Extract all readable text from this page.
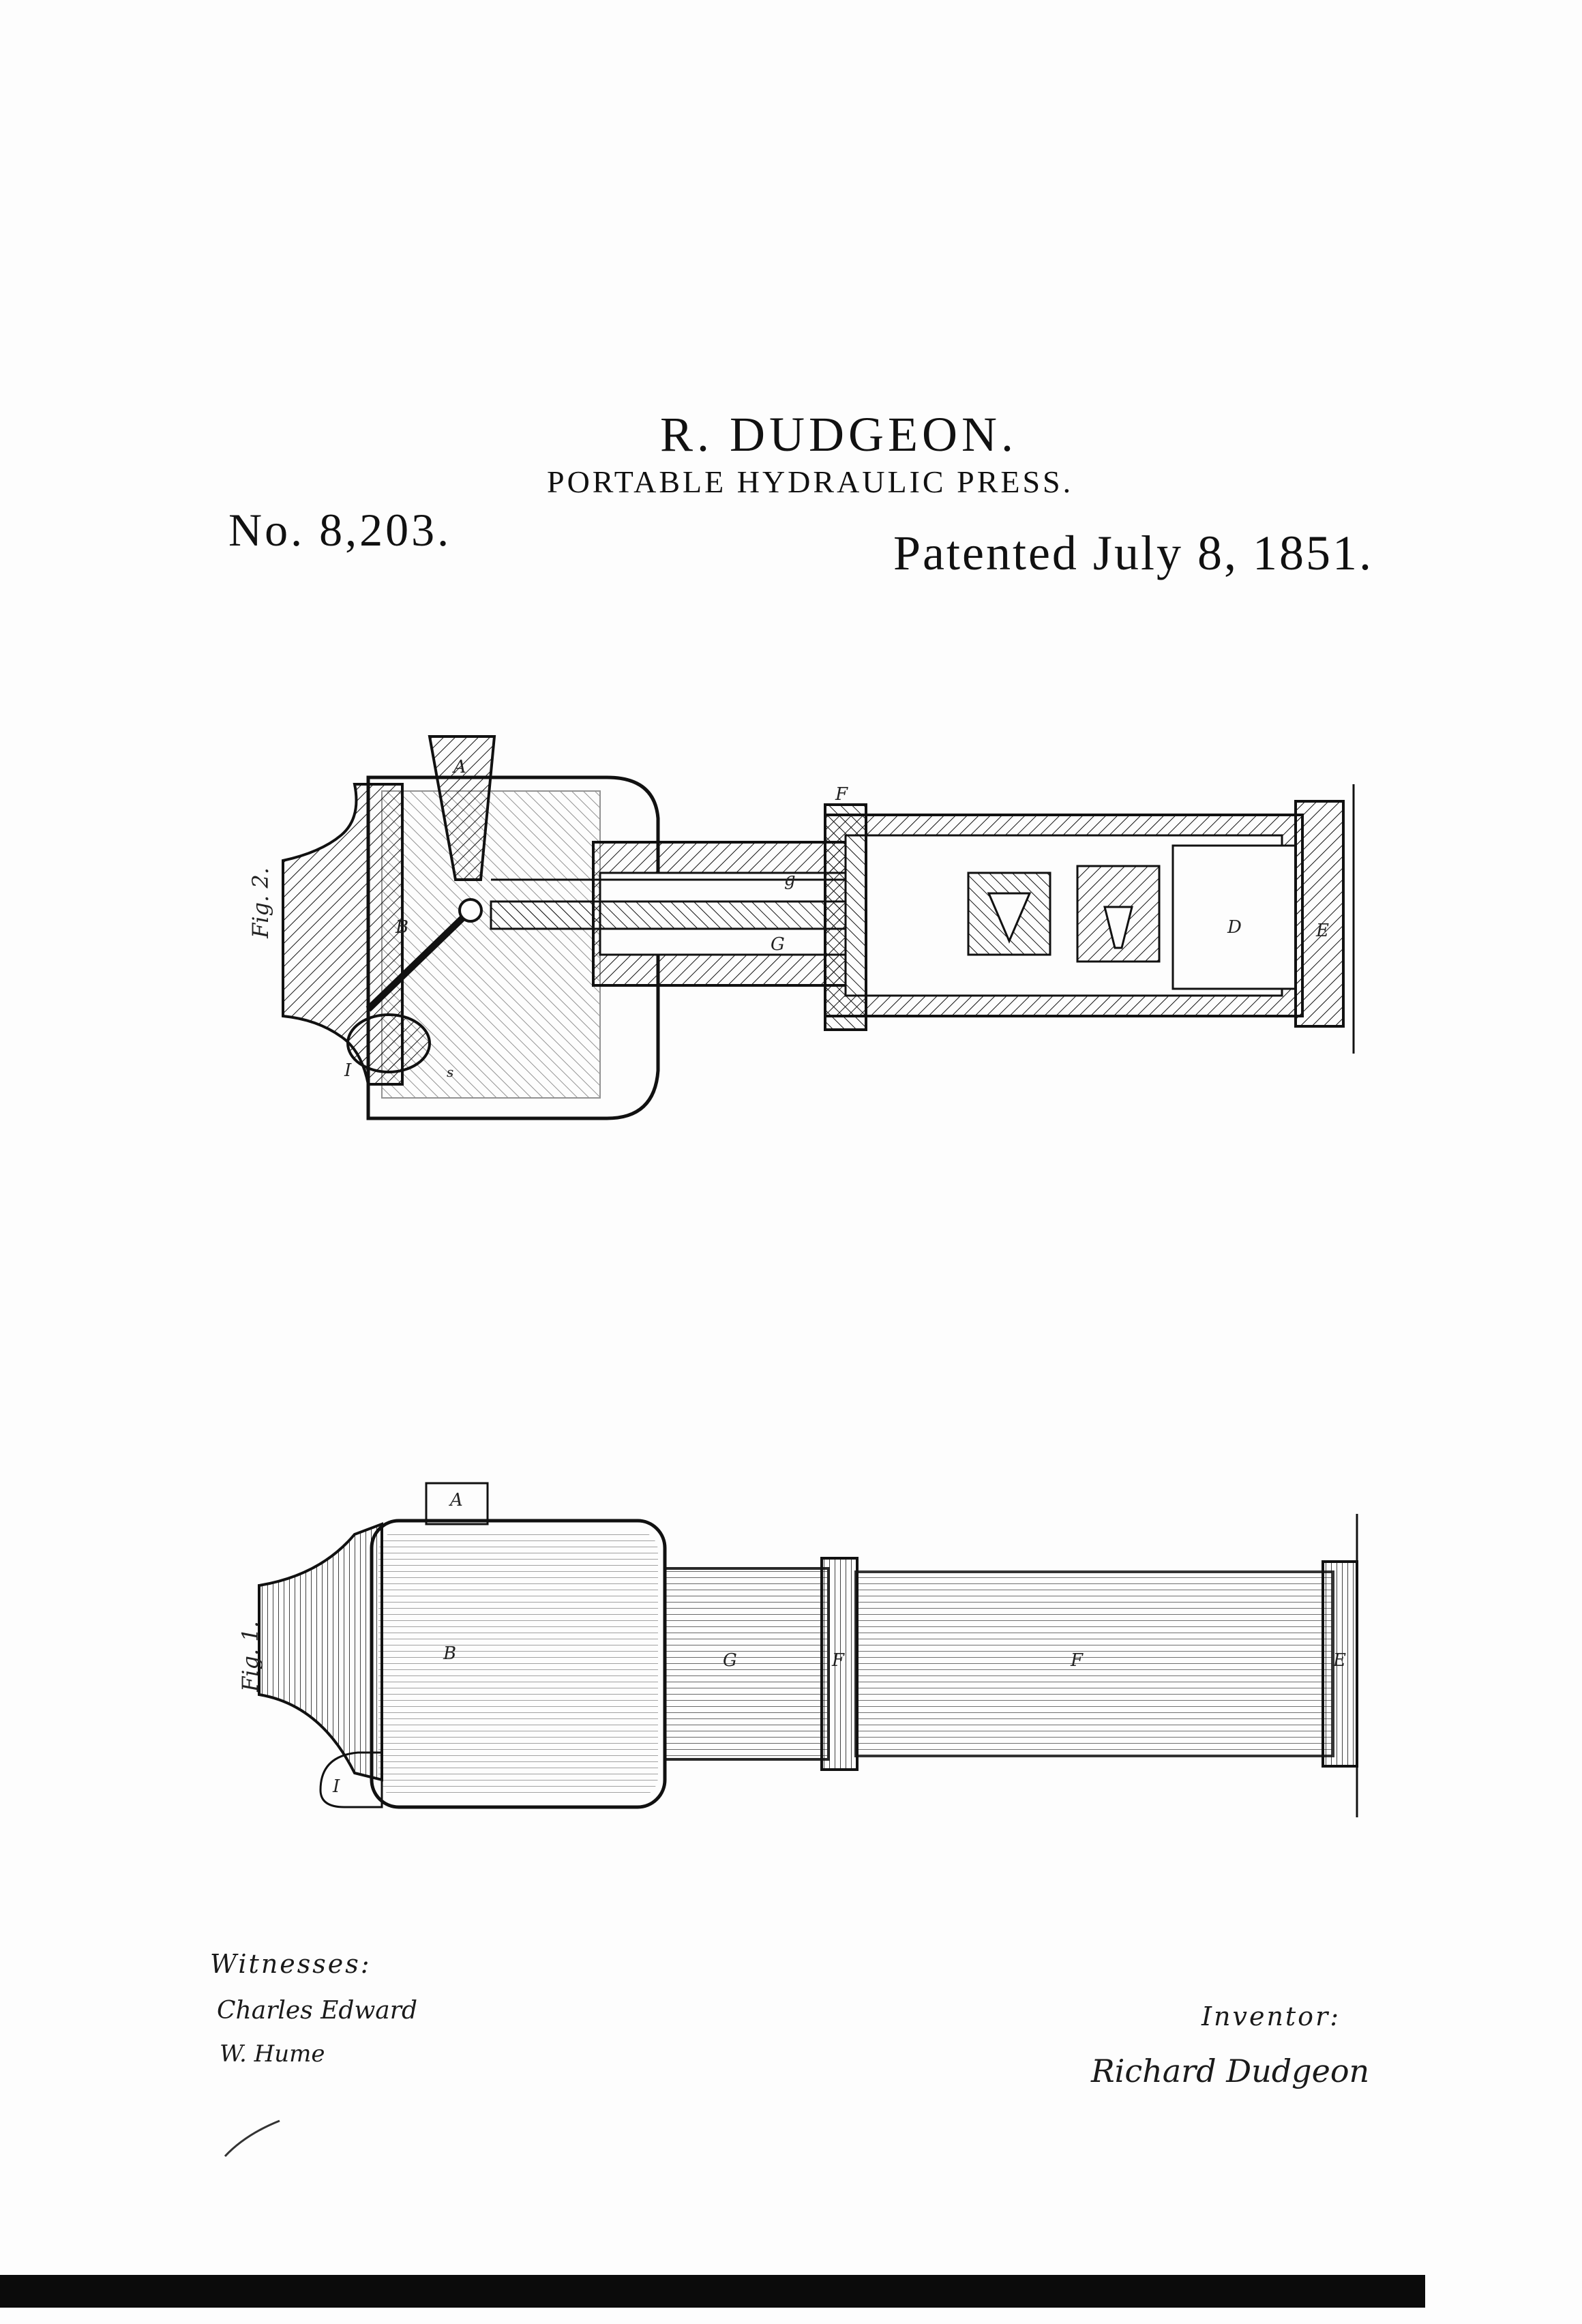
R. DUDGEON.
PORTABLE HYDRAULIC PRESS.
No. 8,203.	Patented July 8, 1851.
Fig. 2.
A
B
G
g
D	E
F
I	s
Fig. 1.
A
B	G	F	F	E
I
Witnesses:
Charles Edward
W. Hume
Inventor:
Richard Dudgeon
